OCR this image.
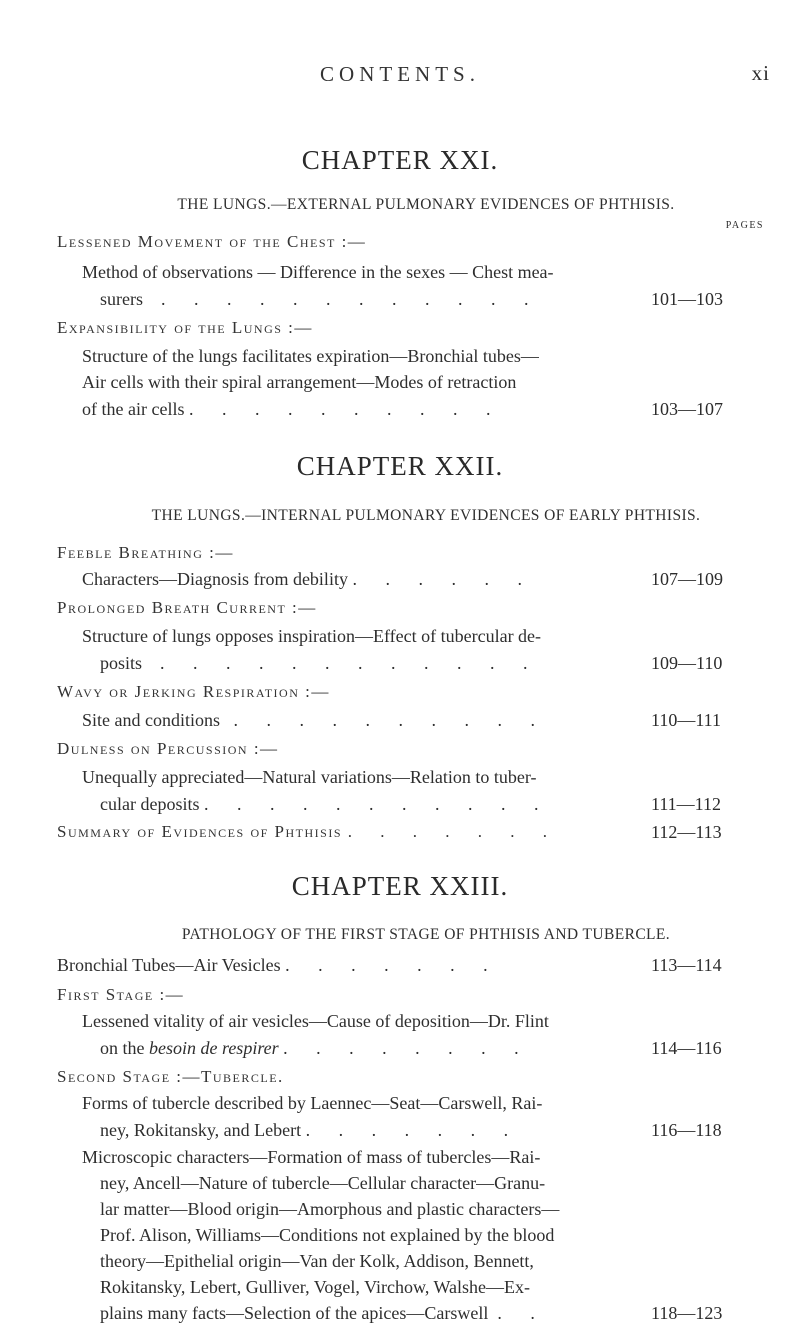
CONTENTS.	xi
CHAPTER XXI.
THE LUNGS.—EXTERNAL PULMONARY EVIDENCES OF PHTHISIS.
PAGES
Lessened Movement of the Chest :—
Method of observations — Difference in the sexes — Chest mea-
surers . . . . . . . . . . . .	101—103
Expansibility of the Lungs :—
Structure of the lungs facilitates expiration—Bronchial tubes—
Air cells with their spiral arrangement—Modes of retraction
of the air cells . . . . . . . . . .	103—107
CHAPTER XXII.
THE LUNGS.—INTERNAL PULMONARY EVIDENCES OF EARLY PHTHISIS.
Feeble Breathing :—
Characters—Diagnosis from debility . . . . . .	107—109
Prolonged Breath Current :—
Structure of lungs opposes inspiration—Effect of tubercular de-
posits . . . . . . . . . . . .	109—110
Wavy or Jerking Respiration :—
Site and conditions . . . . . . . . . .	110—111
Dulness on Percussion :—
Unequally appreciated—Natural variations—Relation to tuber-
cular deposits . . . . . . . . . . .	111—112
Summary of Evidences of Phthisis . . . . . . .	112—113
CHAPTER XXIII.
PATHOLOGY OF THE FIRST STAGE OF PHTHISIS AND TUBERCLE.
Bronchial Tubes—Air Vesicles . . . . . . .	113—114
First Stage :—
Lessened vitality of air vesicles—Cause of deposition—Dr. Flint
on the besoin de respirer . . . . . . . .	114—116
Second Stage :—Tubercle.
Forms of tubercle described by Laennec—Seat—Carswell, Rai-
ney, Rokitansky, and Lebert . . . . . . .	116—118
Microscopic characters—Formation of mass of tubercles—Rai-
ney, Ancell—Nature of tubercle—Cellular character—Granu-
lar matter—Blood origin—Amorphous and plastic characters—
Prof. Alison, Williams—Conditions not explained by the blood
theory—Epithelial origin—Van der Kolk, Addison, Bennett,
Rokitansky, Lebert, Gulliver, Vogel, Virchow, Walshe—Ex-
plains many facts—Selection of the apices—Carswell . .	118—123
